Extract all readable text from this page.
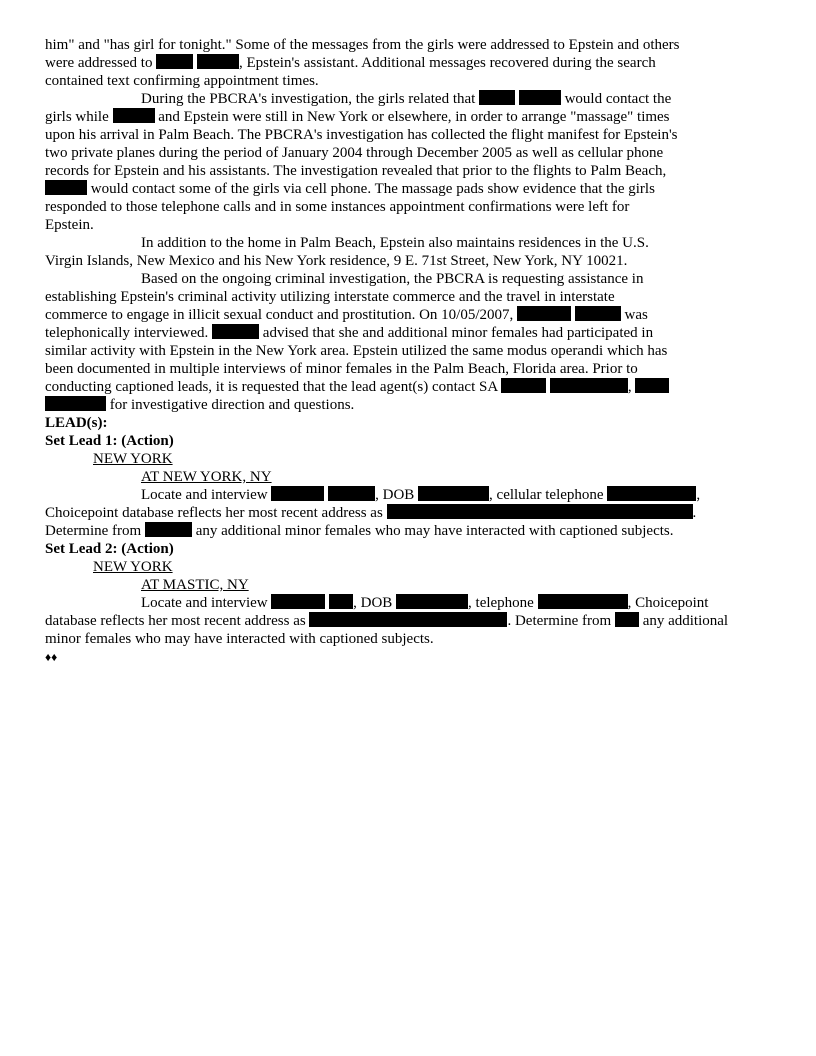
him" and "has girl for tonight." Some of the messages from the girls were addressed to Epstein and others
were addressed to	, Epstein's assistant. Additional messages recovered during the search
contained text confirming appointment times.
During the PBCRA's investigation, the girls related that	would contact the
girls while	and Epstein were still in New York or elsewhere, in order to arrange "massage" times
upon his arrival in Palm Beach. The PBCRA's investigation has collected the flight manifest for Epstein's
two private planes during the period of January 2004 through December 2005 as well as cellular phone
records for Epstein and his assistants. The investigation revealed that prior to the flights to Palm Beach,
would contact some of the girls via cell phone. The massage pads show evidence that the girls
responded to those telephone calls and in some instances appointment confirmations were left for
Epstein.
In addition to the home in Palm Beach, Epstein also maintains residences in the U.S.
Virgin Islands, New Mexico and his New York residence, 9 E. 71st Street, New York, NY 10021.
Based on the ongoing criminal investigation, the PBCRA is requesting assistance in
establishing Epstein's criminal activity utilizing interstate commerce and the travel in interstate
commerce to engage in illicit sexual conduct and prostitution. On 10/05/2007,	was
telephonically interviewed.	advised that she and additional minor females had participated in
similar activity with Epstein in the New York area. Epstein utilized the same modus operandi which has
been documented in multiple interviews of minor females in the Palm Beach, Florida area. Prior to
conducting captioned leads, it is requested that the lead agent(s) contact SA	,
for investigative direction and questions.
LEAD(s):
Set Lead 1: (Action)
NEW YORK
AT NEW YORK, NY
Locate and interview	, DOB	, cellular telephone	,
Choicepoint database reflects her most recent address as	.
Determine from	any additional minor females who may have interacted with captioned subjects.
Set Lead 2: (Action)
NEW YORK
AT MASTIC, NY
Locate and interview	, DOB	, telephone	, Choicepoint
database reflects her most recent address as	. Determine from any additional
minor females who may have interacted with captioned subjects.
♦♦
